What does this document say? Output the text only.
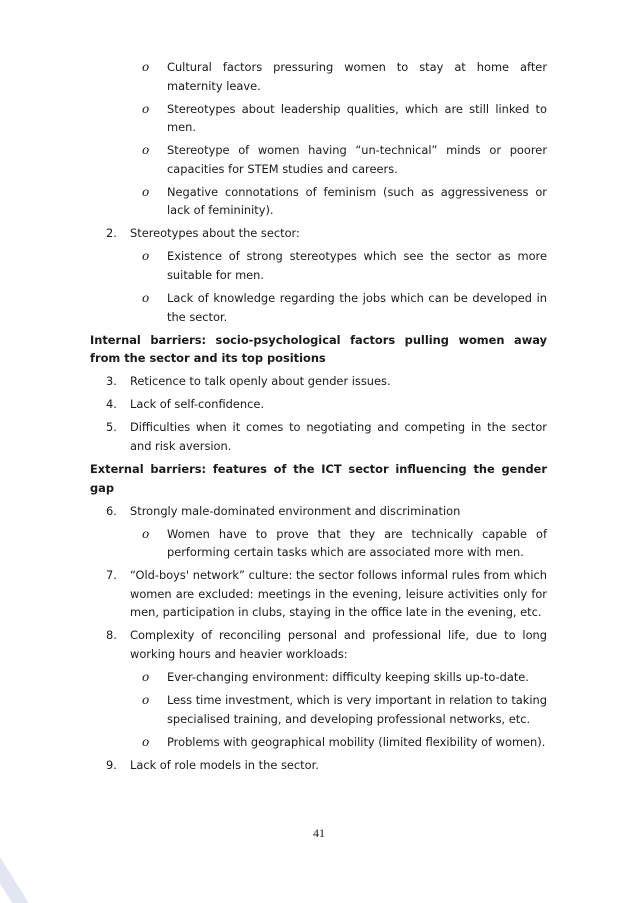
o Cultural factors pressuring women to stay at home after maternity leave.
o Stereotypes about leadership qualities, which are still linked to men.
o Stereotype of women having “un-technical” minds or poorer capacities for STEM studies and careers.
o Negative connotations of feminism (such as aggressiveness or lack of femininity).
2. Stereotypes about the sector:
o Existence of strong stereotypes which see the sector as more suitable for men.
o Lack of knowledge regarding the jobs which can be developed in the sector.
Internal barriers: socio-psychological factors pulling women away from the sector and its top positions
3. Reticence to talk openly about gender issues.
4. Lack of self-confidence.
5. Difficulties when it comes to negotiating and competing in the sector and risk aversion.
External barriers: features of the ICT sector influencing the gender gap
6. Strongly male-dominated environment and discrimination
o Women have to prove that they are technically capable of performing certain tasks which are associated more with men.
7. “Old-boys' network” culture: the sector follows informal rules from which women are excluded: meetings in the evening, leisure activities only for men, participation in clubs, staying in the office late in the evening, etc.
8. Complexity of reconciling personal and professional life, due to long working hours and heavier workloads:
o Ever-changing environment: difficulty keeping skills up-to-date.
o Less time investment, which is very important in relation to taking specialised training, and developing professional networks, etc.
o Problems with geographical mobility (limited flexibility of women).
9. Lack of role models in the sector.
41
